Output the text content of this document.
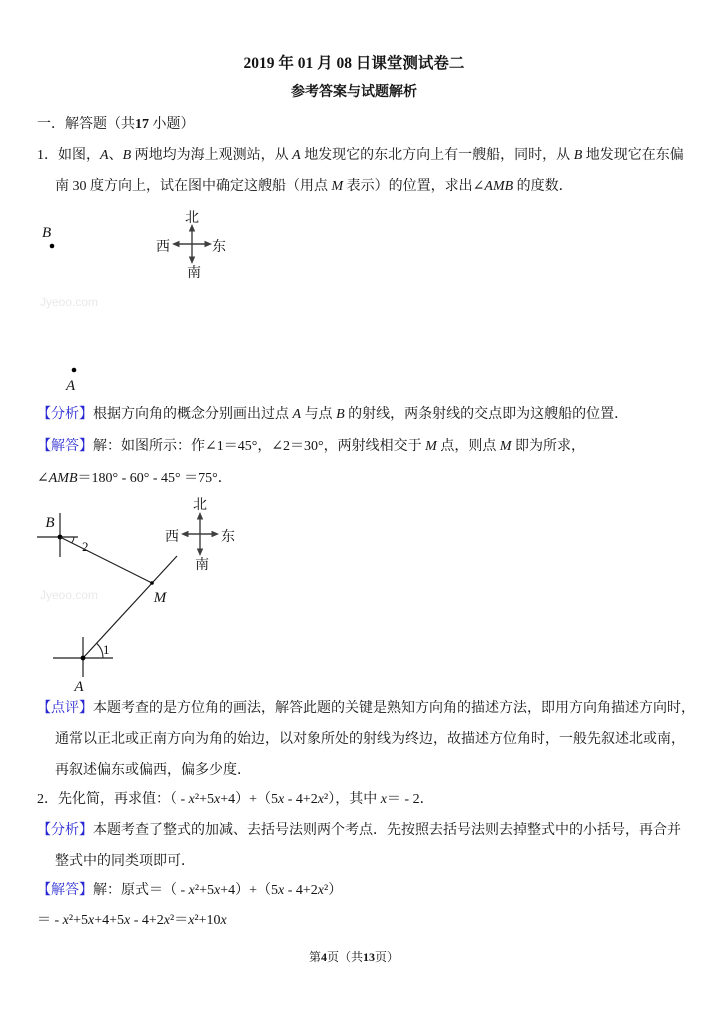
2019 年 01 月 08 日课堂测试卷二
参考答案与试题解析
一．解答题（共17 小题）
1．如图，A、B 两地均为海上观测站，从 A 地发现它的东北方向上有一艘船，同时，从 B 地发现它在东偏
南 30 度方向上，试在图中确定这艘船（用点 M 表示）的位置，求出∠AMB 的度数．
B
北
南
西	东
Jyeoo.com
A
【分析】根据方向角的概念分别画出过点 A 与点 B 的射线，两条射线的交点即为这艘船的位置．
【解答】解：如图所示：作∠1＝45°，∠2＝30°，两射线相交于 M 点，则点 M 即为所求，
∠AMB＝180° - 60° - 45° ＝75°．
北
南
西	东
B
2
M
Jyeoo.com
A
1
【点评】本题考查的是方位角的画法，解答此题的关键是熟知方向角的描述方法，即用方向角描述方向时，
通常以正北或正南方向为角的始边，以对象所处的射线为终边，故描述方位角时，一般先叙述北或南，
再叙述偏东或偏西，偏多少度．
2．先化简，再求值：（ - x²+5x+4）+（5x - 4+2x²），其中 x＝ - 2．
【分析】本题考查了整式的加减、去括号法则两个考点．先按照去括号法则去掉整式中的小括号，再合并
整式中的同类项即可．
【解答】解：原式＝（ - x²+5x+4）+（5x - 4+2x²）
＝ - x²+5x+4+5x - 4+2x²＝x²+10x
第4页（共13页）
